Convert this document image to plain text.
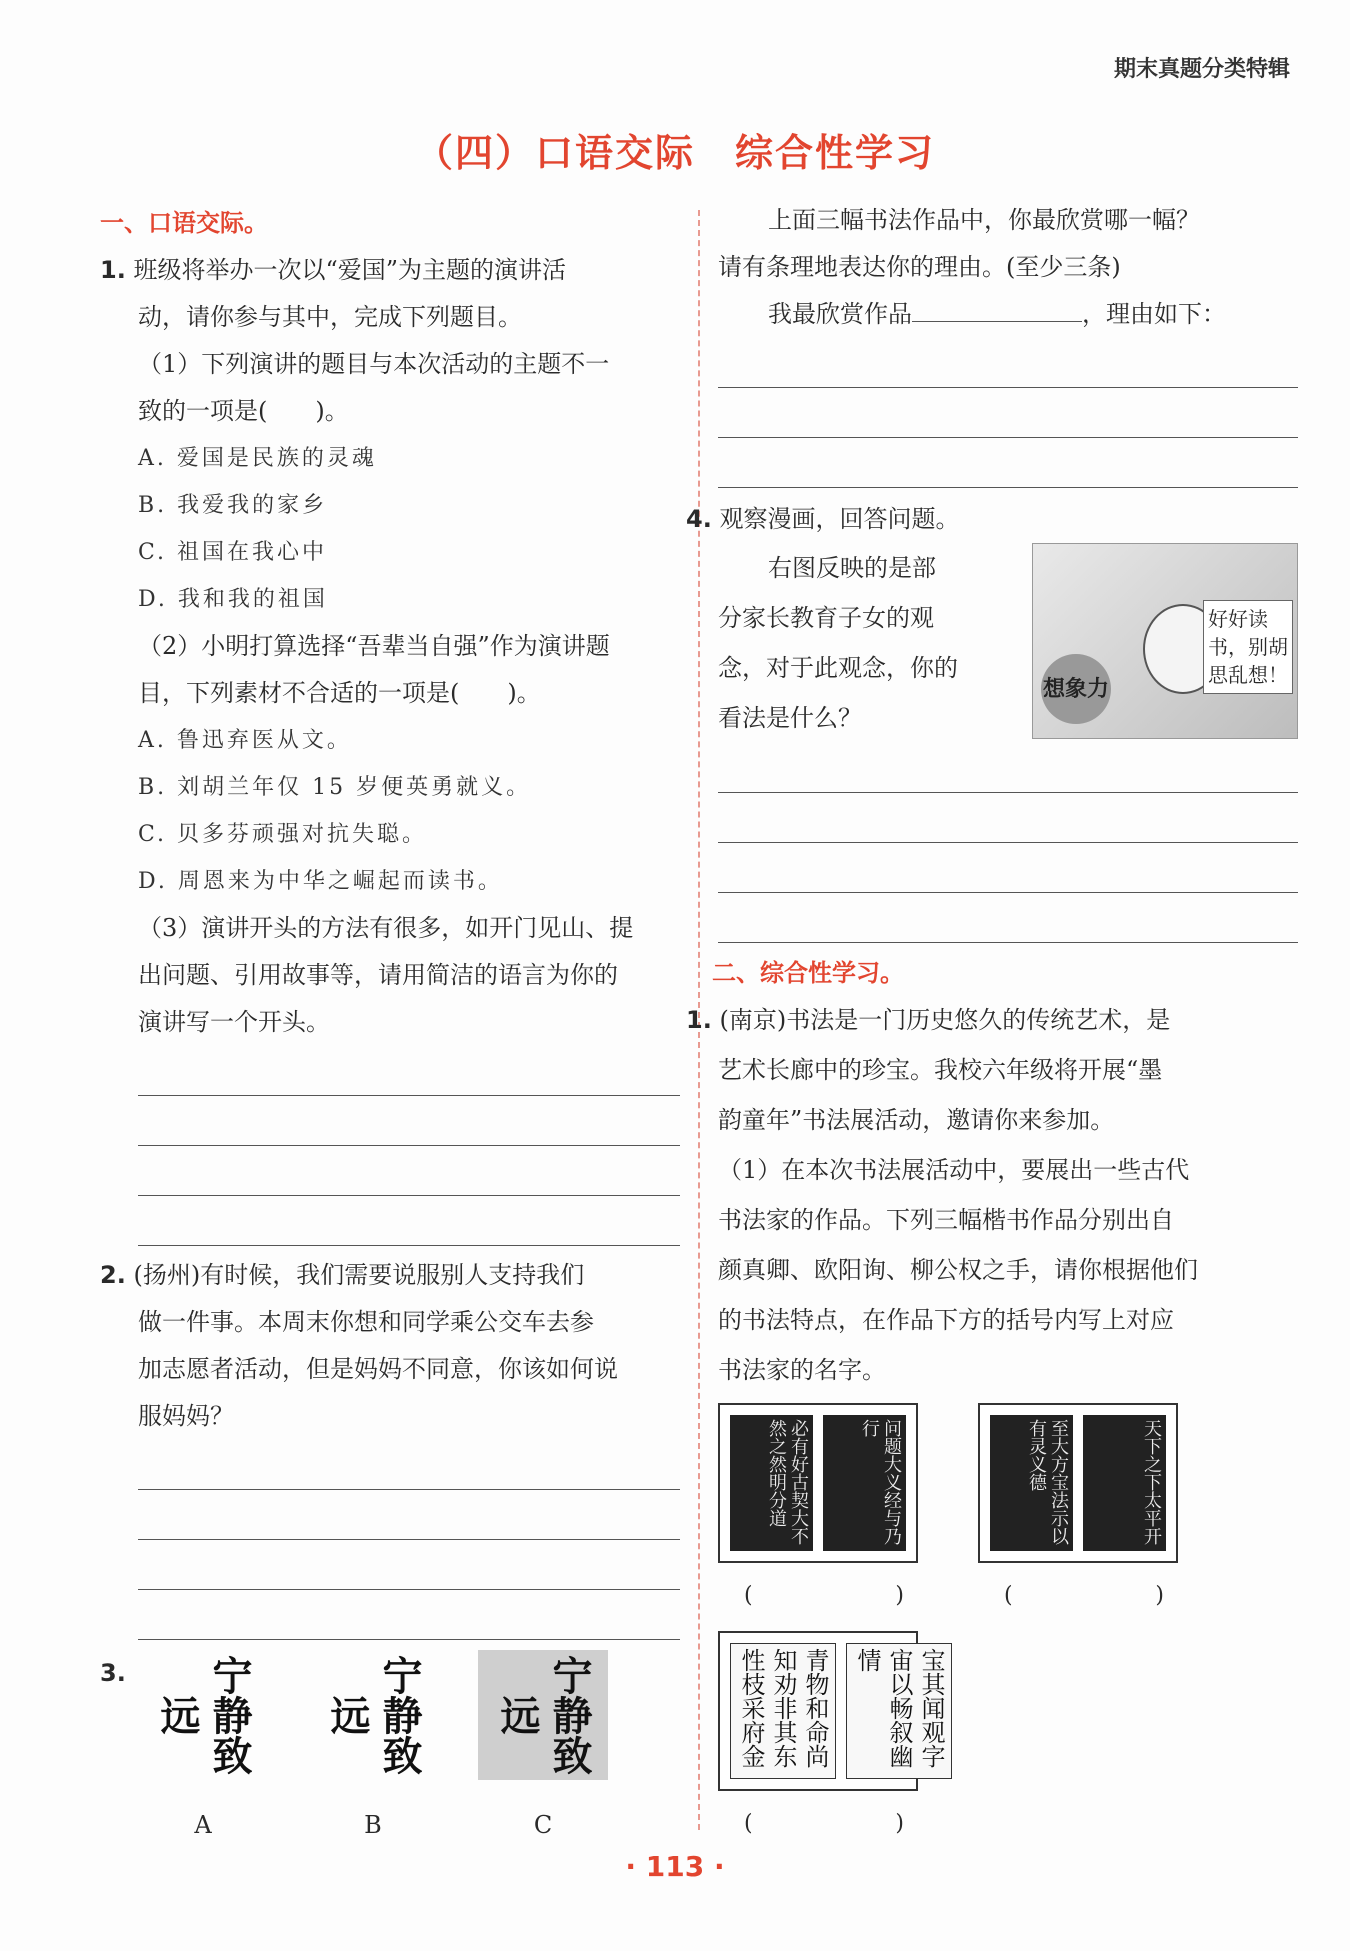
期末真题分类特辑
（四）口语交际 综合性学习
一、口语交际。
1. 班级将举办一次以“爱国”为主题的演讲活
动，请你参与其中，完成下列题目。
（1）下列演讲的题目与本次活动的主题不一
致的一项是(　　)。
A. 爱国是民族的灵魂
B. 我爱我的家乡
C. 祖国在我心中
D. 我和我的祖国
（2）小明打算选择“吾辈当自强”作为演讲题
目，下列素材不合适的一项是(　　)。
A. 鲁迅弃医从文。
B. 刘胡兰年仅 15 岁便英勇就义。
C. 贝多芬顽强对抗失聪。
D. 周恩来为中华之崛起而读书。
（3）演讲开头的方法有很多，如开门见山、提
出问题、引用故事等，请用简洁的语言为你的
演讲写一个开头。
2. (扬州)有时候，我们需要说服别人支持我们
做一件事。本周末你想和同学乘公交车去参
加志愿者活动，但是妈妈不同意，你该如何说
服妈妈？
3.	宁静致远
A
宁静致远
B
宁静致远
C
上面三幅书法作品中，你最欣赏哪一幅？
请有条理地表达你的理由。(至少三条)
我最欣赏作品	，理由如下：
4. 观察漫画，回答问题。
右图反映的是部
分家长教育子女的观
念，对于此观念，你的
看法是什么？
想象力
好好读书，别胡思乱想！
二、综合性学习。
1. (南京)书法是一门历史悠久的传统艺术，是
艺术长廊中的珍宝。我校六年级将开展“墨
韵童年”书法展活动，邀请你来参加。
（1）在本次书法展活动中，要展出一些古代
书法家的作品。下列三幅楷书作品分别出自
颜真卿、欧阳询、柳公权之手，请你根据他们
的书法特点，在作品下方的括号内写上对应
书法家的名字。
必有好古契大不然之然明分道	问题大义经与乃行
(	)
至大方宝法示以有灵义德	天下之下太平开
(	)
青物和命尚知劝非其东性枝采府金	宝其闻观字宙以畅叙幽情
(	)
· 113 ·
